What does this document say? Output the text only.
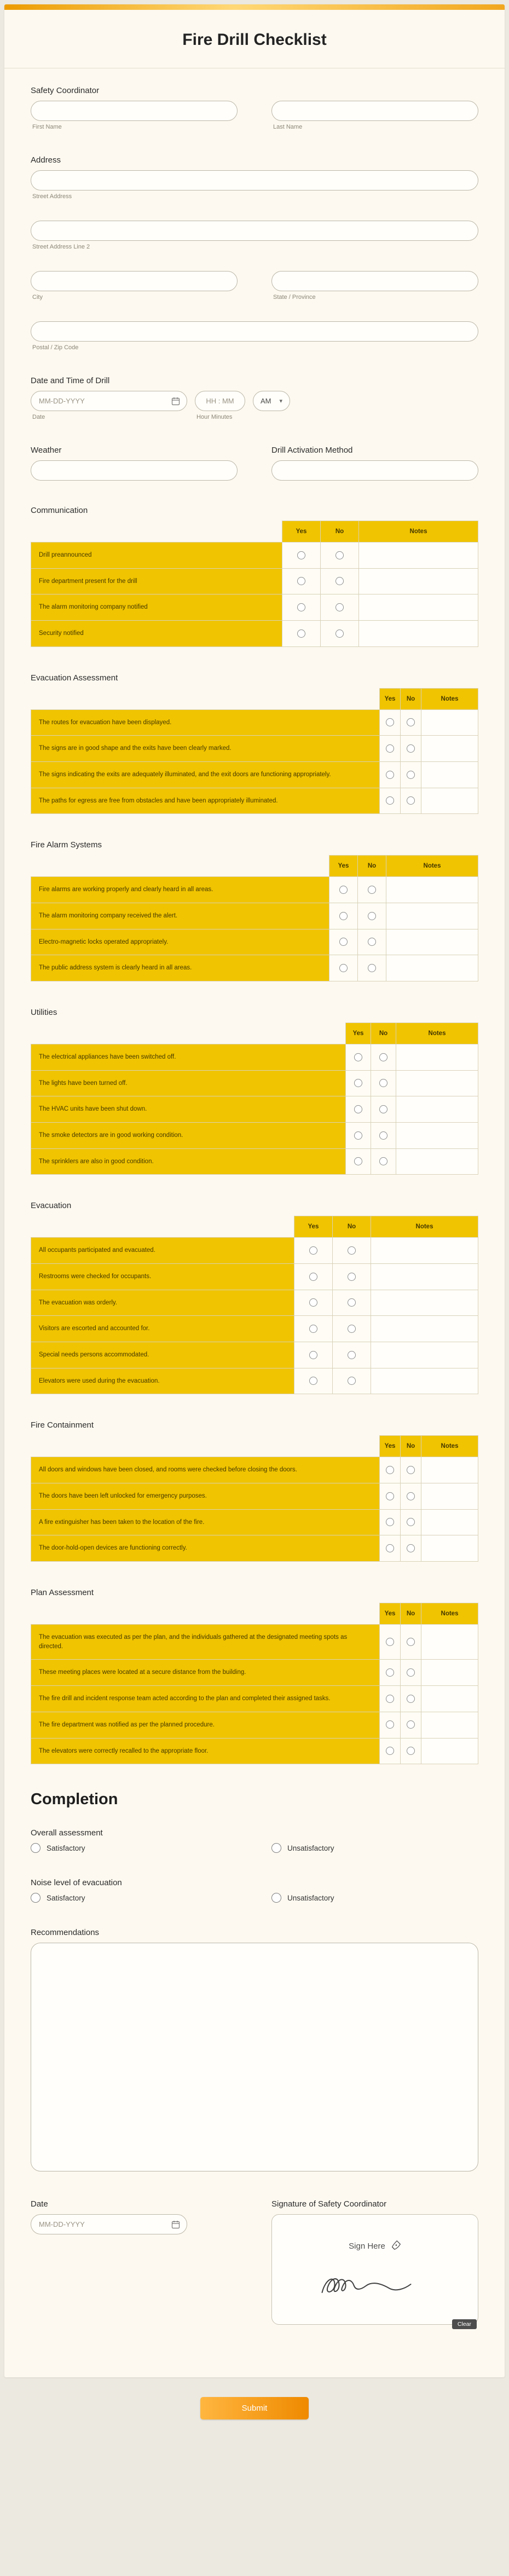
Fire Drill Checklist
Safety Coordinator
First Name	Last Name
Address
Street Address
Street Address Line 2
City	State / Province
Postal / Zip Code
Date and Time of Drill
MM-DD-YYYY
Date
HH : MM	Hour Minutes
AM ▾
Weather	Drill Activation Method
Communication
	Yes	No	Notes
Drill preannounced			
Fire department present for the drill			
The alarm monitoring company notified			
Security notified			
Evacuation Assessment
	Yes	No	Notes
The routes for evacuation have been displayed.			
The signs are in good shape and the exits have been clearly marked.			
The signs indicating the exits are adequately illuminated, and the exit doors are functioning appropriately.			
The paths for egress are free from obstacles and have been appropriately illuminated.			
Fire Alarm Systems
	Yes	No	Notes
Fire alarms are working properly and clearly heard in all areas.			
The alarm monitoring company received the alert.			
Electro-magnetic locks operated appropriately.			
The public address system is clearly heard in all areas.			
Utilities
	Yes	No	Notes
The electrical appliances have been switched off.			
The lights have been turned off.			
The HVAC units have been shut down.			
The smoke detectors are in good working condition.			
The sprinklers are also in good condition.			
Evacuation
	Yes	No	Notes
All occupants participated and evacuated.			
Restrooms were checked for occupants.			
The evacuation was orderly.			
Visitors are escorted and accounted for.			
Special needs persons accommodated.			
Elevators were used during the evacuation.			
Fire Containment
	Yes	No	Notes
All doors and windows have been closed, and rooms were checked before closing the doors.			
The doors have been left unlocked for emergency purposes.			
A fire extinguisher has been taken to the location of the fire.			
The door-hold-open devices are functioning correctly.			
Plan Assessment
	Yes	No	Notes
The evacuation was executed as per the plan, and the individuals gathered at the designated meeting spots as directed.			
These meeting places were located at a secure distance from the building.			
The fire drill and incident response team acted according to the plan and completed their assigned tasks.			
The fire department was notified as per the planned procedure.			
The elevators were correctly recalled to the appropriate floor.			
Completion
Overall assessment
Satisfactory	Unsatisfactory
Noise level of evacuation
Satisfactory	Unsatisfactory
Recommendations
Date
MM-DD-YYYY	Signature of Safety Coordinator
Sign Here
Clear
Submit
